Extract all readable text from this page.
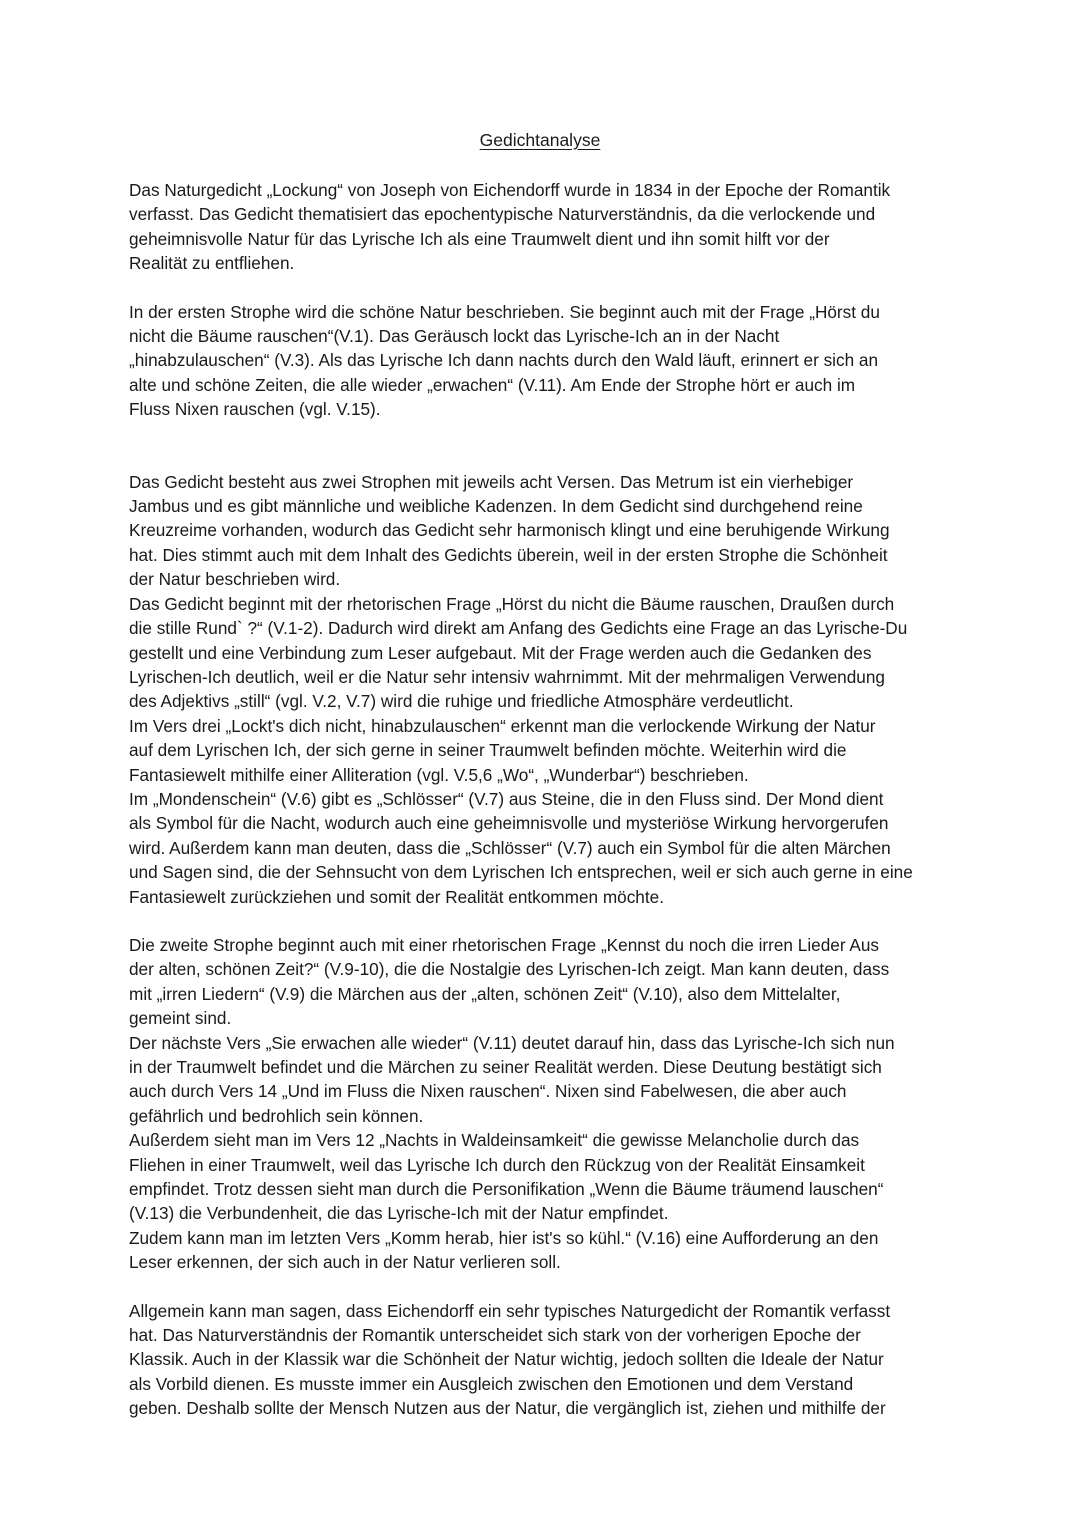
Gedichtanalyse

Das Naturgedicht „Lockung“ von Joseph von Eichendorff wurde in 1834 in der Epoche der Romantik
verfasst. Das Gedicht thematisiert das epochentypische Naturverständnis, da die verlockende und
geheimnisvolle Natur für das Lyrische Ich als eine Traumwelt dient und ihn somit hilft vor der
Realität zu entfliehen.

In der ersten Strophe wird die schöne Natur beschrieben. Sie beginnt auch mit der Frage „Hörst du
nicht die Bäume rauschen“(V.1). Das Geräusch lockt das Lyrische-Ich an in der Nacht
„hinabzulauschen“ (V.3). Als das Lyrische Ich dann nachts durch den Wald läuft, erinnert er sich an
alte und schöne Zeiten, die alle wieder „erwachen“ (V.11). Am Ende der Strophe hört er auch im
Fluss Nixen rauschen (vgl. V.15).

Das Gedicht besteht aus zwei Strophen mit jeweils acht Versen. Das Metrum ist ein vierhebiger
Jambus und es gibt männliche und weibliche Kadenzen. In dem Gedicht sind durchgehend reine
Kreuzreime vorhanden, wodurch das Gedicht sehr harmonisch klingt und eine beruhigende Wirkung
hat. Dies stimmt auch mit dem Inhalt des Gedichts überein, weil in der ersten Strophe die Schönheit
der Natur beschrieben wird.

Das Gedicht beginnt mit der rhetorischen Frage „Hörst du nicht die Bäume rauschen, Draußen durch
die stille Rund` ?“ (V.1-2). Dadurch wird direkt am Anfang des Gedichts eine Frage an das Lyrische-Du
gestellt und eine Verbindung zum Leser aufgebaut. Mit der Frage werden auch die Gedanken des
Lyrischen-Ich deutlich, weil er die Natur sehr intensiv wahrnimmt. Mit der mehrmaligen Verwendung
des Adjektivs „still“ (vgl. V.2, V.7) wird die ruhige und friedliche Atmosphäre verdeutlicht.

Im Vers drei „Lockt's dich nicht, hinabzulauschen“ erkennt man die verlockende Wirkung der Natur
auf dem Lyrischen Ich, der sich gerne in seiner Traumwelt befinden möchte. Weiterhin wird die
Fantasiewelt mithilfe einer Alliteration (vgl. V.5,6 „Wo“, „Wunderbar“) beschrieben.

Im „Mondenschein“ (V.6) gibt es „Schlösser“ (V.7) aus Steine, die in den Fluss sind. Der Mond dient
als Symbol für die Nacht, wodurch auch eine geheimnisvolle und mysteriöse Wirkung hervorgerufen
wird. Außerdem kann man deuten, dass die „Schlösser“ (V.7) auch ein Symbol für die alten Märchen
und Sagen sind, die der Sehnsucht von dem Lyrischen Ich entsprechen, weil er sich auch gerne in eine
Fantasiewelt zurückziehen und somit der Realität entkommen möchte.

Die zweite Strophe beginnt auch mit einer rhetorischen Frage „Kennst du noch die irren Lieder Aus
der alten, schönen Zeit?“ (V.9-10), die die Nostalgie des Lyrischen-Ich zeigt. Man kann deuten, dass
mit „irren Liedern“ (V.9) die Märchen aus der „alten, schönen Zeit“ (V.10), also dem Mittelalter,
gemeint sind.

Der nächste Vers „Sie erwachen alle wieder“ (V.11) deutet darauf hin, dass das Lyrische-Ich sich nun
in der Traumwelt befindet und die Märchen zu seiner Realität werden. Diese Deutung bestätigt sich
auch durch Vers 14 „Und im Fluss die Nixen rauschen“. Nixen sind Fabelwesen, die aber auch
gefährlich und bedrohlich sein können.

Außerdem sieht man im Vers 12 „Nachts in Waldeinsamkeit“ die gewisse Melancholie durch das
Fliehen in einer Traumwelt, weil das Lyrische Ich durch den Rückzug von der Realität Einsamkeit
empfindet. Trotz dessen sieht man durch die Personifikation „Wenn die Bäume träumend lauschen“
(V.13) die Verbundenheit, die das Lyrische-Ich mit der Natur empfindet.

Zudem kann man im letzten Vers „Komm herab, hier ist's so kühl.“ (V.16) eine Aufforderung an den
Leser erkennen, der sich auch in der Natur verlieren soll.

Allgemein kann man sagen, dass Eichendorff ein sehr typisches Naturgedicht der Romantik verfasst
hat. Das Naturverständnis der Romantik unterscheidet sich stark von der vorherigen Epoche der
Klassik. Auch in der Klassik war die Schönheit der Natur wichtig, jedoch sollten die Ideale der Natur
als Vorbild dienen. Es musste immer ein Ausgleich zwischen den Emotionen und dem Verstand
geben. Deshalb sollte der Mensch Nutzen aus der Natur, die vergänglich ist, ziehen und mithilfe der
